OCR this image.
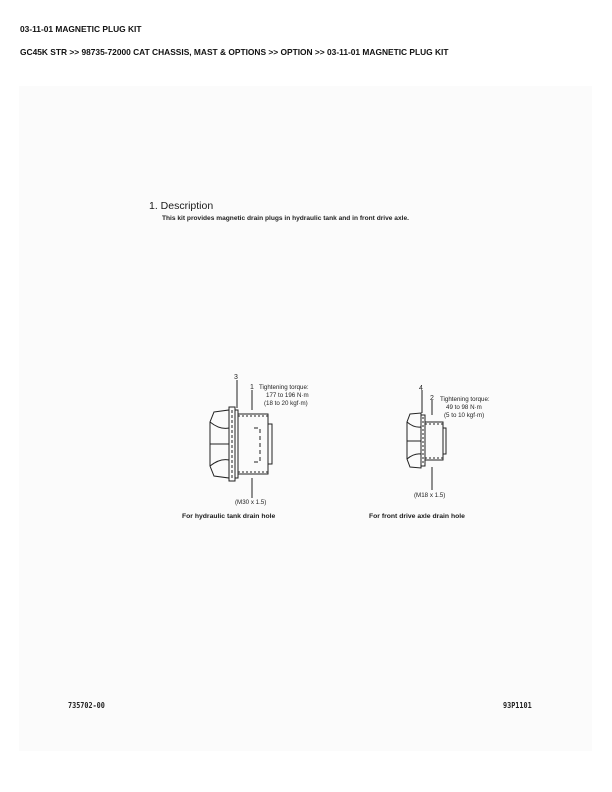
03-11-01 MAGNETIC PLUG KIT
GC45K STR >> 98735-72000 CAT CHASSIS, MAST & OPTIONS >> OPTION >> 03-11-01 MAGNETIC PLUG KIT
1. Description
This kit provides magnetic drain plugs in hydraulic tank and in front drive axle.
3
1 Tightening torque:
177 to 196 N·m
(18 to 20 kgf·m)
(M30 x 1.5)
For hydraulic tank drain hole
4
2 Tightening torque:
49 to 98 N·m
(5 to 10 kgf·m)
(M18 x 1.5)
For front drive axle drain hole
735702-00	93P1101
